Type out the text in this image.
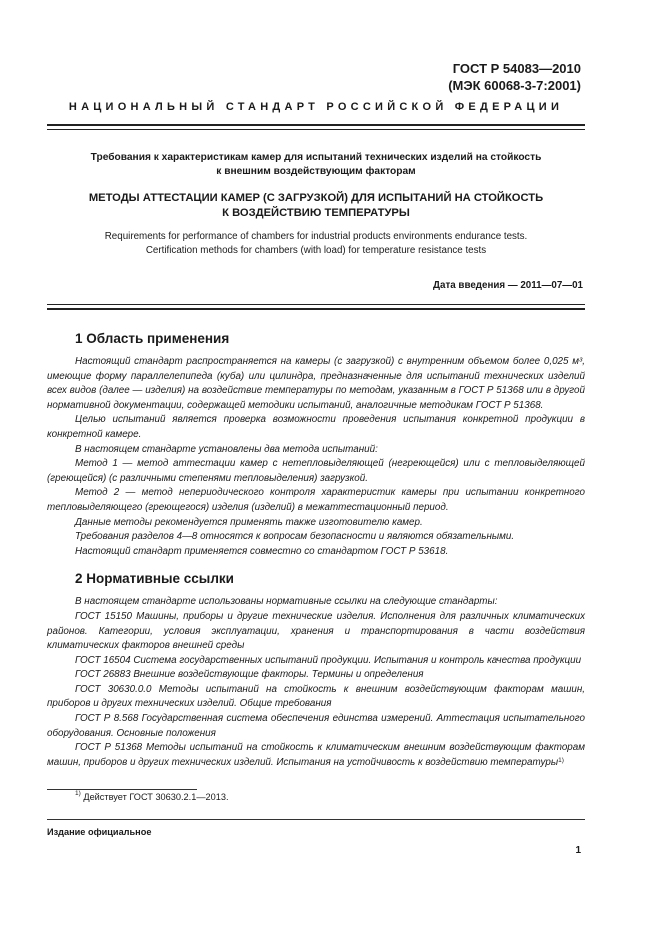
ГОСТ Р 54083—2010
(МЭК 60068-3-7:2001)
НАЦИОНАЛЬНЫЙ СТАНДАРТ РОССИЙСКОЙ ФЕДЕРАЦИИ
Требования к характеристикам камер для испытаний технических изделий на стойкость
к внешним воздействующим факторам
МЕТОДЫ АТТЕСТАЦИИ КАМЕР (С ЗАГРУЗКОЙ) ДЛЯ ИСПЫТАНИЙ НА СТОЙКОСТЬ
К ВОЗДЕЙСТВИЮ ТЕМПЕРАТУРЫ
Requirements for performance of chambers for industrial products environments endurance tests.
Certification methods for chambers (with load) for temperature resistance tests
Дата введения — 2011—07—01
1 Область применения

Настоящий стандарт распространяется на камеры (с загрузкой) с внутренним объемом более 0,025 м³, имеющие форму параллелепипеда (куба) или цилиндра, предназначенные для испытаний технических изделий всех видов (далее — изделия) на воздействие температуры по методам, указанным в ГОСТ Р 51368 или в другой нормативной документации, содержащей методики испытаний, аналогичные методикам ГОСТ Р 51368.

Целью испытаний является проверка возможности проведения испытания конкретной продукции в конкретной камере.

В настоящем стандарте установлены два метода испытаний:

Метод 1 — метод аттестации камер с нетепловыделяющей (негреющейся) или с тепловыделяющей (греющейся) (с различными степенями тепловыделения) загрузкой.

Метод 2 — метод непериодического контроля характеристик камеры при испытании конкретного тепловыделяющего (греющегося) изделия (изделий) в межаттестационный период.

Данные методы рекомендуется применять также изготовителю камер.

Требования разделов 4—8 относятся к вопросам безопасности и являются обязательными.

Настоящий стандарт применяется совместно со стандартом ГОСТ Р 53618.

2 Нормативные ссылки

В настоящем стандарте использованы нормативные ссылки на следующие стандарты:

ГОСТ 15150 Машины, приборы и другие технические изделия. Исполнения для различных климатических районов. Категории, условия эксплуатации, хранения и транспортирования в части воздействия климатических факторов внешней среды

ГОСТ 16504 Система государственных испытаний продукции. Испытания и контроль качества продукции

ГОСТ 26883 Внешние воздействующие факторы. Термины и определения

ГОСТ 30630.0.0 Методы испытаний на стойкость к внешним воздействующим факторам машин, приборов и других технических изделий. Общие требования

ГОСТ Р 8.568 Государственная система обеспечения единства измерений. Аттестация испытательного оборудования. Основные положения

ГОСТ Р 51368 Методы испытаний на стойкость к климатическим внешним воздействующим факторам машин, приборов и других технических изделий. Испытания на устойчивость к воздействию температуры$^{1)}$

$^{1)}$ Действует ГОСТ 30630.2.1—2013.
Издание официальное
1
